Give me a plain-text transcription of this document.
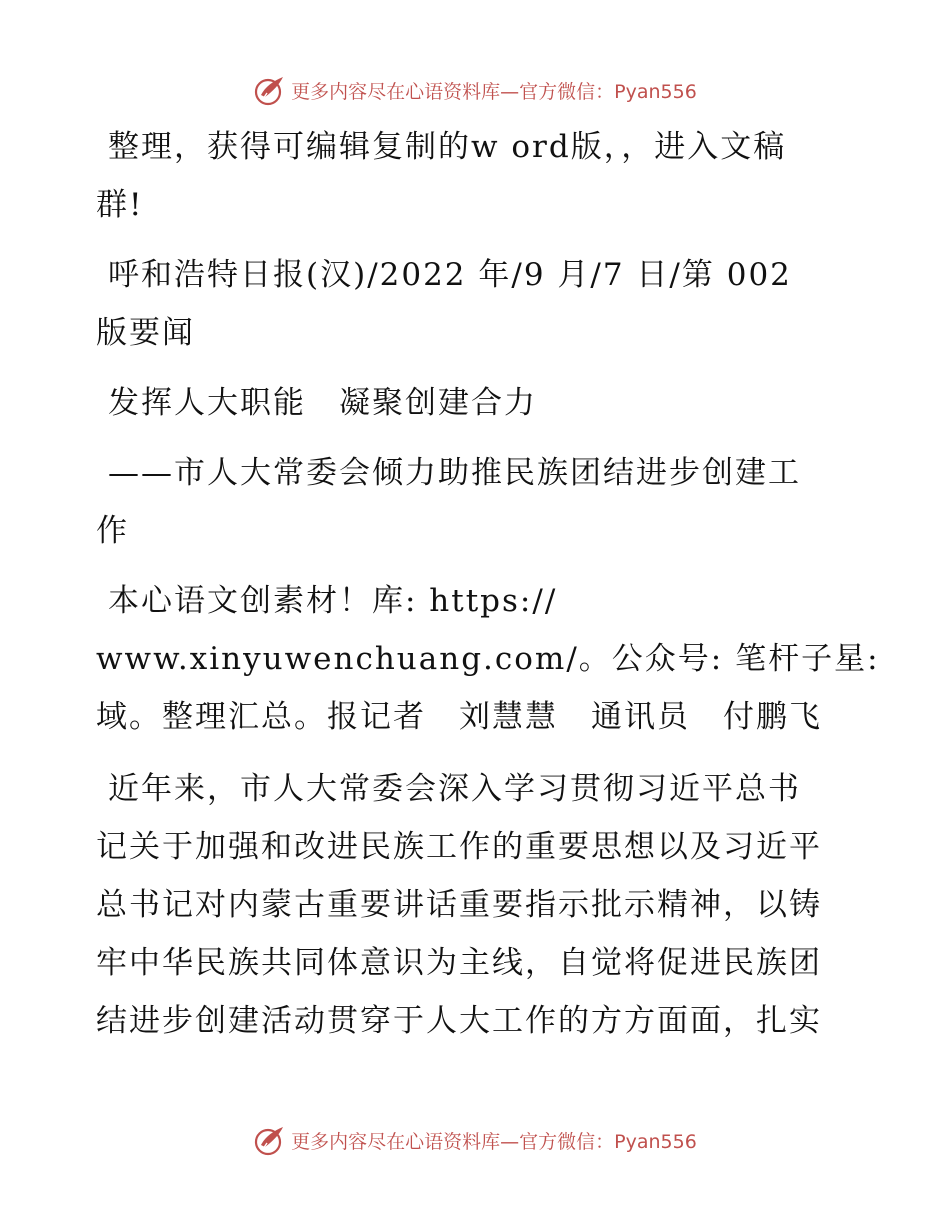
更多内容尽在心语资料库—官方微信：Pyan556

整理，获得可编辑复制的w ord版，，进入文稿
群!

呼和浩特日报(汉)/2022 年/9 月/7 日/第 002
版要闻

发挥人大职能　凝聚创建合力

——市人大常委会倾力助推民族团结进步创建工
作

本心语文创素材！库: https://
www.xinyuwenchuang.com/。公众号: 笔杆子星:
域。整理汇总。报记者　刘慧慧　通讯员　付鹏飞

近年来，市人大常委会深入学习贯彻习近平总书
记关于加强和改进民族工作的重要思想以及习近平
总书记对内蒙古重要讲话重要指示批示精神，以铸
牢中华民族共同体意识为主线，自觉将促进民族团
结进步创建活动贯穿于人大工作的方方面面，扎实

更多内容尽在心语资料库—官方微信：Pyan556
